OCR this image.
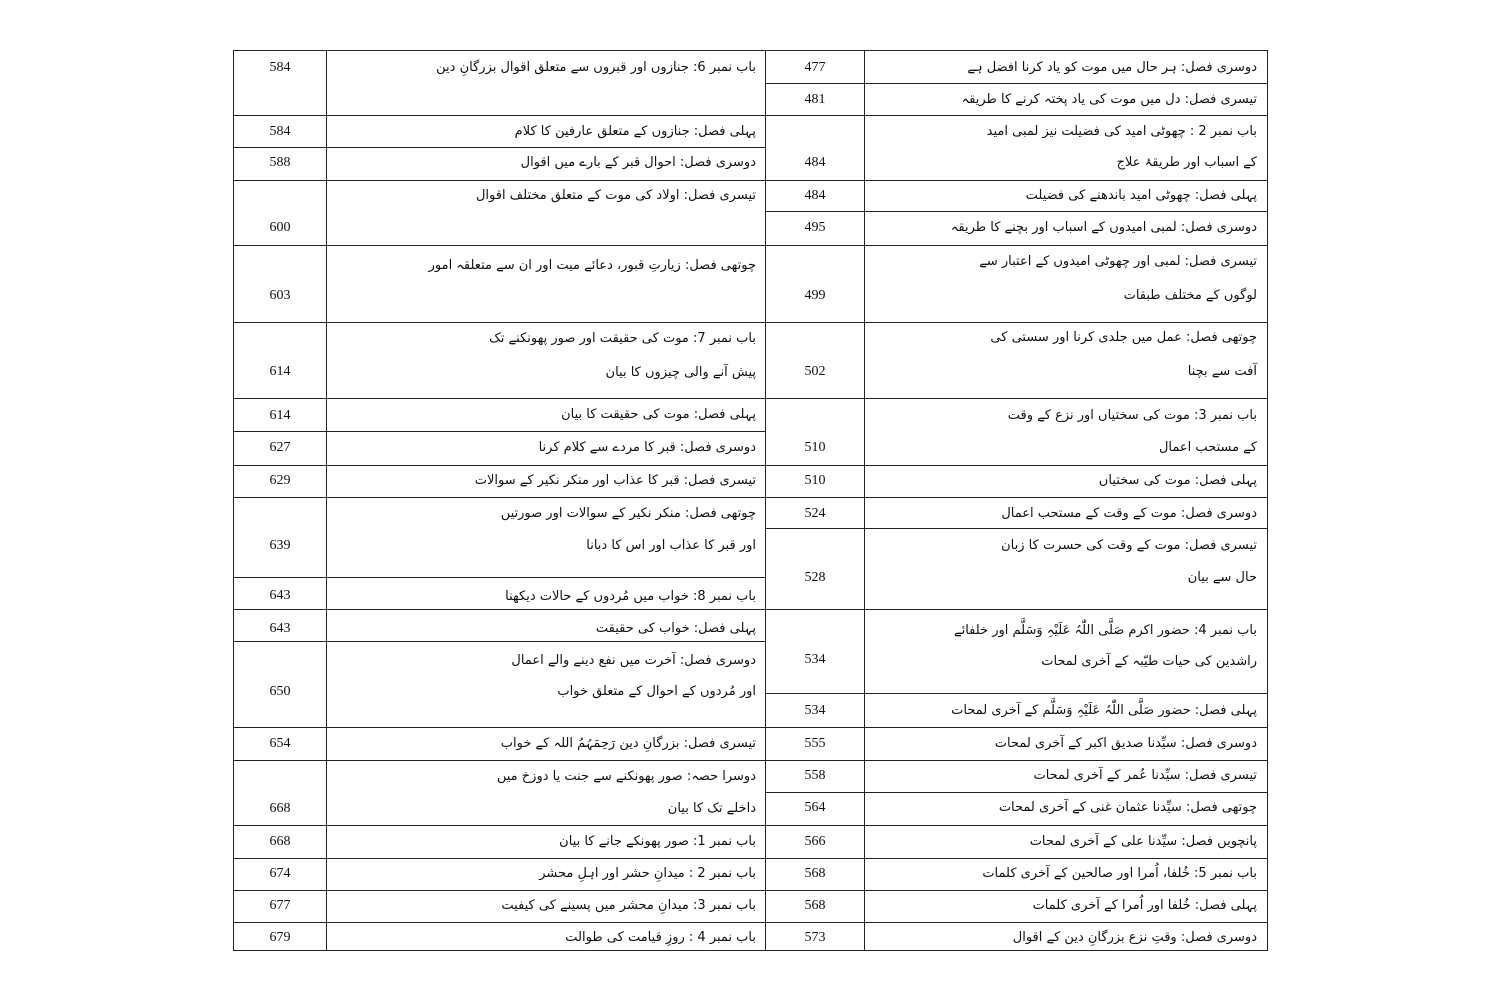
دوسری فصل: ہر حال میں موت کو یاد کرنا افضل ہے
تیسری فصل: دل میں موت کی یاد پختہ کرنے کا طریقہ
باب نمبر 2 : چھوٹی امید کی فضیلت نیز لمبی امید
کے اسباب اور طریقۂ علاج
پہلی فصل: چھوٹی امید باندھنے کی فضیلت
دوسری فصل: لمبی امیدوں کے اسباب اور بچنے کا طریقہ
تیسری فصل: لمبی اور چھوٹی امیدوں کے اعتبار سے
لوگوں کے مختلف طبقات
چوتھی فصل: عمل میں جلدی کرنا اور سستی کی
آفت سے بچنا
باب نمبر 3: موت کی سختیاں اور نزع کے وقت
کے مستحب اعمال
پہلی فصل: موت کی سختیاں
دوسری فصل: موت کے وقت کے مستحب اعمال
تیسری فصل: موت کے وقت کی حسرت کا زبان
حال سے بیان
باب نمبر 4: حضور اکرم صَلَّی اللّٰہُ عَلَیْہِ وَسَلَّم اور خلفائے
راشدین کی حیات طیّبہ کے آخری لمحات
پہلی فصل: حضور صَلَّی اللّٰہُ عَلَیْہِ وَسَلَّم کے آخری لمحات
دوسری فصل: سیِّدنا صدیق اکبر کے آخری لمحات
تیسری فصل: سیِّدنا عُمر کے آخری لمحات
چوتھی فصل: سیِّدنا عثمان غنی کے آخری لمحات
پانچویں فصل: سیِّدنا علی کے آخری لمحات
باب نمبر 5: خُلفا، اُمرا اور صالحین کے آخری کلمات
پہلی فصل: خُلفا اور اُمرا کے آخری کلمات
دوسری فصل: وقتِ نزع بزرگانِ دین کے اقوال
477
481
484
484
495
499
502
510
510
524
528
534
534
555
558
564
566
568
568
573
باب نمبر 6: جنازوں اور قبروں سے متعلق اقوال بزرگانِ دین
پہلی فصل: جنازوں کے متعلق عارفین کا کلام
دوسری فصل: احوال قبر کے بارے میں اقوال
تیسری فصل: اولاد کی موت کے متعلق مختلف اقوال
چوتھی فصل: زیارتِ قبور، دعائے میت اور ان سے متعلقہ امور
باب نمبر 7: موت کی حقیقت اور صور پھونکنے تک
پیش آنے والی چیزوں کا بیان
پہلی فصل: موت کی حقیقت کا بیان
دوسری فصل: قبر کا مردے سے کلام کرنا
تیسری فصل: قبر کا عذاب اور منکر نکیر کے سوالات
چوتھی فصل: منکر نکیر کے سوالات اور صورتیں
اور قبر کا عذاب اور اس کا دبانا
باب نمبر 8: خواب میں مُردوں کے حالات دیکھنا
پہلی فصل: خواب کی حقیقت
دوسری فصل: آخرت میں نفع دینے والے اعمال
اور مُردوں کے احوال کے متعلق خواب
تیسری فصل: بزرگانِ دین رَحِمَہُمُ اللہ کے خواب
دوسرا حصہ: صور پھونکنے سے جنت یا دوزخ میں
داخلے تک کا بیان
باب نمبر 1: صور پھونکے جانے کا بیان
باب نمبر 2 : میدانِ حشر اور اہلِ محشر
باب نمبر 3: میدانِ محشر میں پسینے کی کیفیت
باب نمبر 4 : روزِ قیامت کی طوالت
584
584
588
600
603
614
614
627
629
639
643
643
650
654
668
668
674
677
679
